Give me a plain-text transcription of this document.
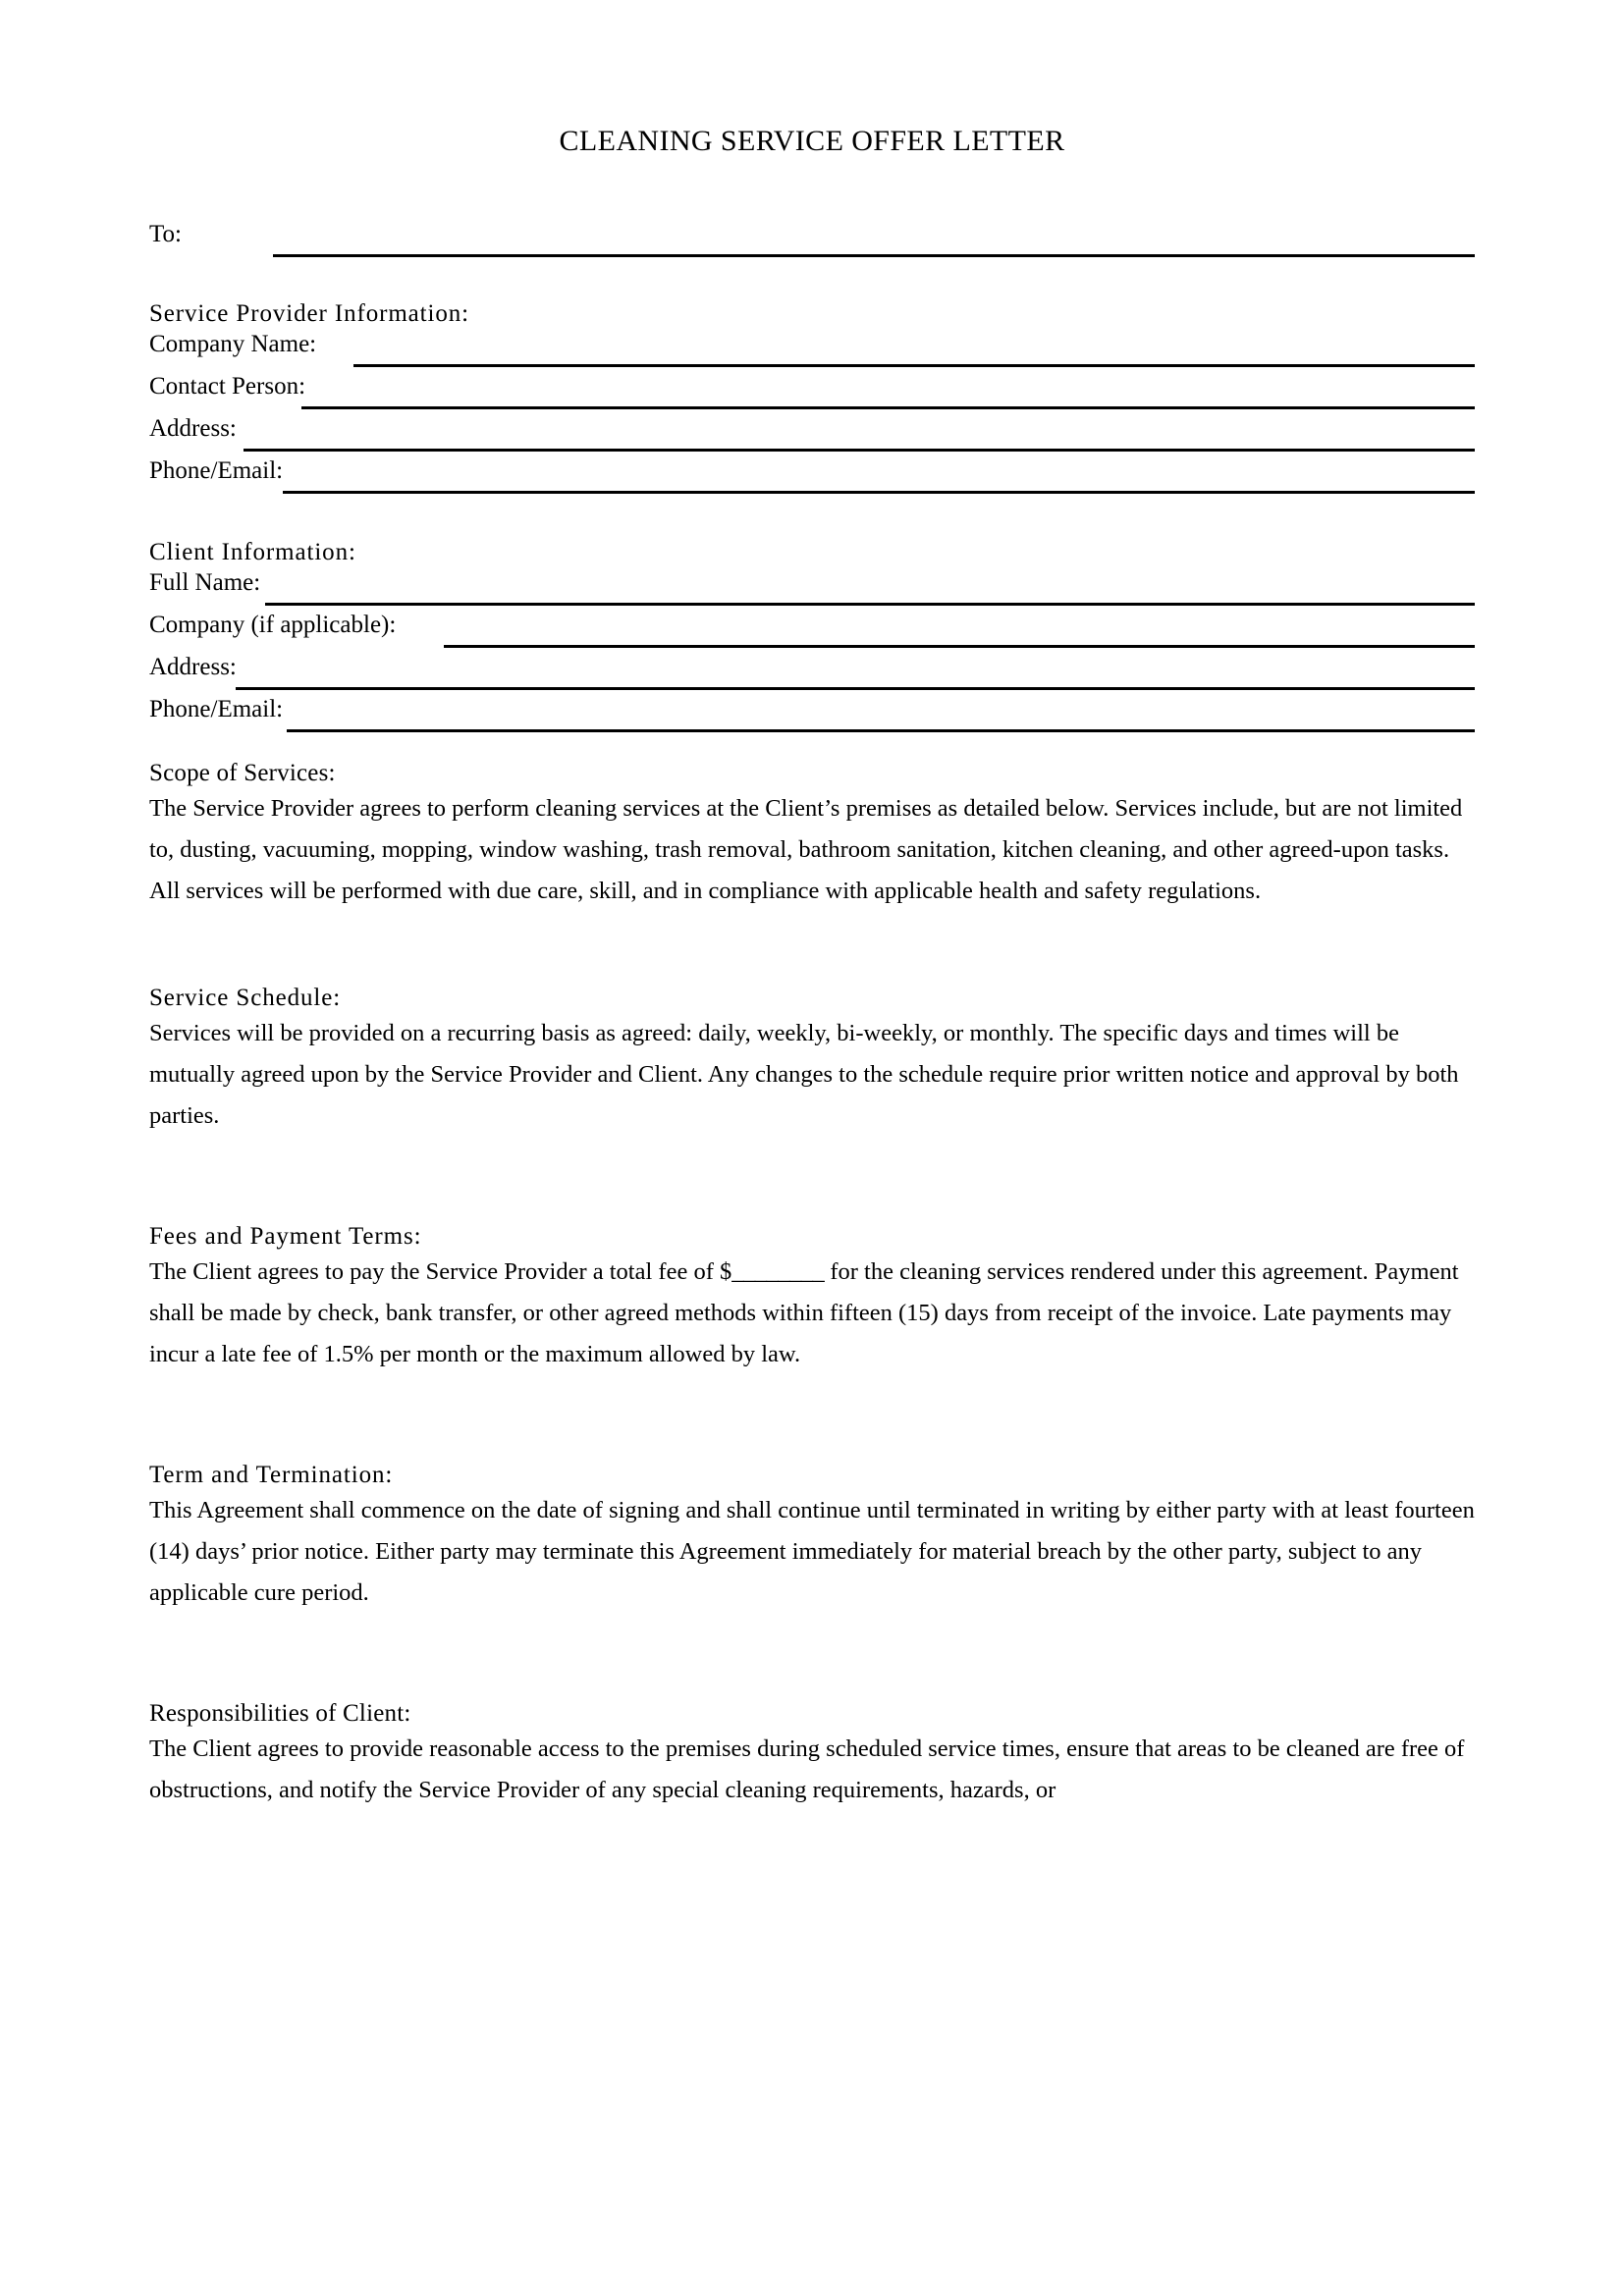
CLEANING SERVICE OFFER LETTER
To:
Service Provider Information:
Company Name:
Contact Person:
Address:
Phone/Email:
Client Information:
Full Name:
Company (if applicable):
Address:
Phone/Email:
Scope of Services:

The Service Provider agrees to perform cleaning services at the Client’s premises as detailed below. Services include, but are not limited to, dusting, vacuuming, mopping, window washing, trash removal, bathroom sanitation, kitchen cleaning, and other agreed-upon tasks. All services will be performed with due care, skill, and in compliance with applicable health and safety regulations.

Service Schedule:

Services will be provided on a recurring basis as agreed: daily, weekly, bi-weekly, or monthly. The specific days and times will be mutually agreed upon by the Service Provider and Client. Any changes to the schedule require prior written notice and approval by both parties.

Fees and Payment Terms:

The Client agrees to pay the Service Provider a total fee of $________ for the cleaning services rendered under this agreement. Payment shall be made by check, bank transfer, or other agreed methods within fifteen (15) days from receipt of the invoice. Late payments may incur a late fee of 1.5% per month or the maximum allowed by law.

Term and Termination:

This Agreement shall commence on the date of signing and shall continue until terminated in writing by either party with at least fourteen (14) days’ prior notice. Either party may terminate this Agreement immediately for material breach by the other party, subject to any applicable cure period.

Responsibilities of Client:

The Client agrees to provide reasonable access to the premises during scheduled service times, ensure that areas to be cleaned are free of obstructions, and notify the Service Provider of any special cleaning requirements, hazards, or
